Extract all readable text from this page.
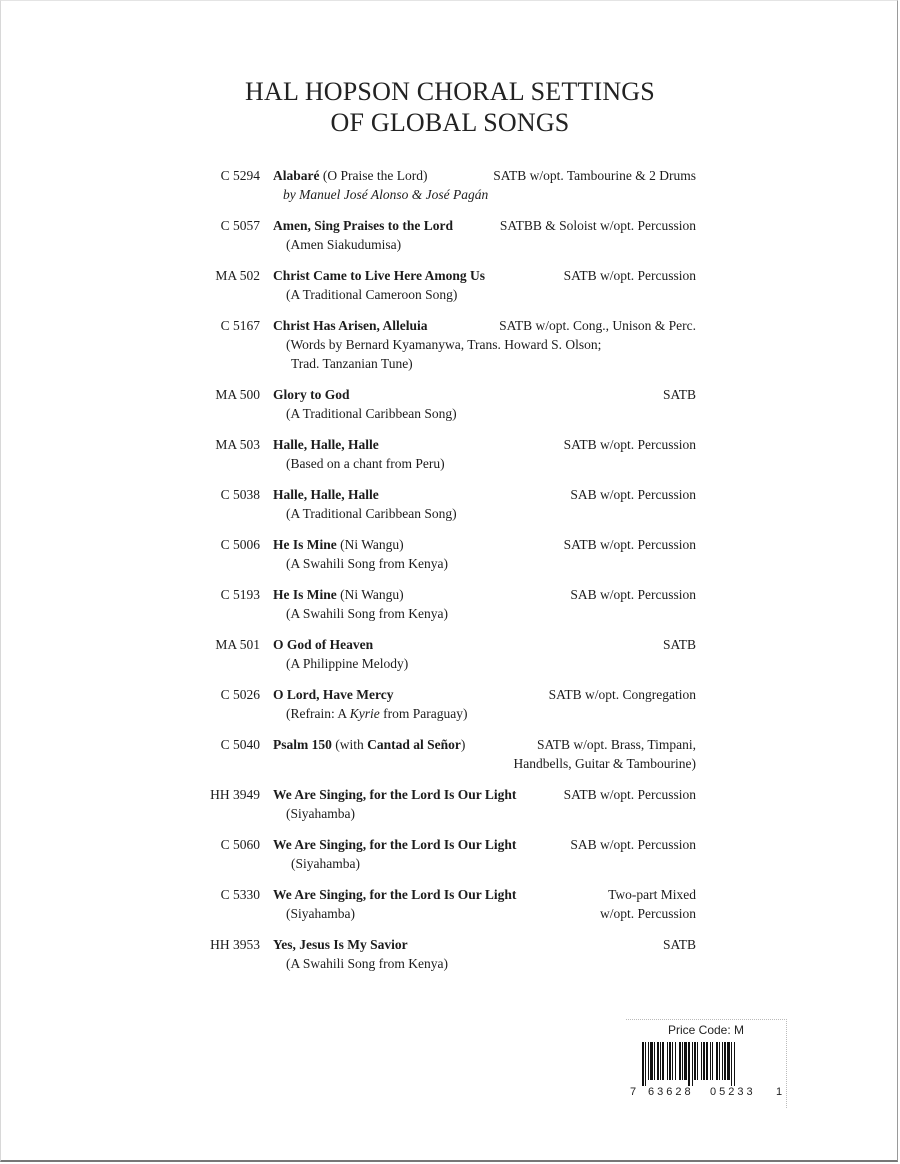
HAL HOPSON CHORAL SETTINGS
OF GLOBAL SONGS
C 5294 Alabaré (O Praise the Lord)	SATB w/opt. Tambourine & 2 Drums
by Manuel José Alonso & José Pagán
C 5057 Amen, Sing Praises to the Lord	SATBB & Soloist w/opt. Percussion
(Amen Siakudumisa)
MA 502 Christ Came to Live Here Among Us	SATB w/opt. Percussion
(A Traditional Cameroon Song)
C 5167 Christ Has Arisen, Alleluia	SATB w/opt. Cong., Unison & Perc.
(Words by Bernard Kyamanywa, Trans. Howard S. Olson;
Trad. Tanzanian Tune)
MA 500 Glory to God	SATB
(A Traditional Caribbean Song)
MA 503 Halle, Halle, Halle	SATB w/opt. Percussion
(Based on a chant from Peru)
C 5038 Halle, Halle, Halle	SAB w/opt. Percussion
(A Traditional Caribbean Song)
C 5006 He Is Mine (Ni Wangu)	SATB w/opt. Percussion
(A Swahili Song from Kenya)
C 5193 He Is Mine (Ni Wangu)	SAB w/opt. Percussion
(A Swahili Song from Kenya)
MA 501 O God of Heaven	SATB
(A Philippine Melody)
C 5026 O Lord, Have Mercy	SATB w/opt. Congregation
(Refrain: A Kyrie from Paraguay)
C 5040 Psalm 150 (with Cantad al Señor)	SATB w/opt. Brass, Timpani,
Handbells, Guitar & Tambourine)
HH 3949 We Are Singing, for the Lord Is Our Light	SATB w/opt. Percussion
(Siyahamba)
C 5060 We Are Singing, for the Lord Is Our Light	SAB w/opt. Percussion
(Siyahamba)
C 5330 We Are Singing, for the Lord Is Our Light	Two-part Mixed
w/opt. Percussion
(Siyahamba)
HH 3953 Yes, Jesus Is My Savior	SATB
(A Swahili Song from Kenya)
Price Code: M
7 63628 05233 1
